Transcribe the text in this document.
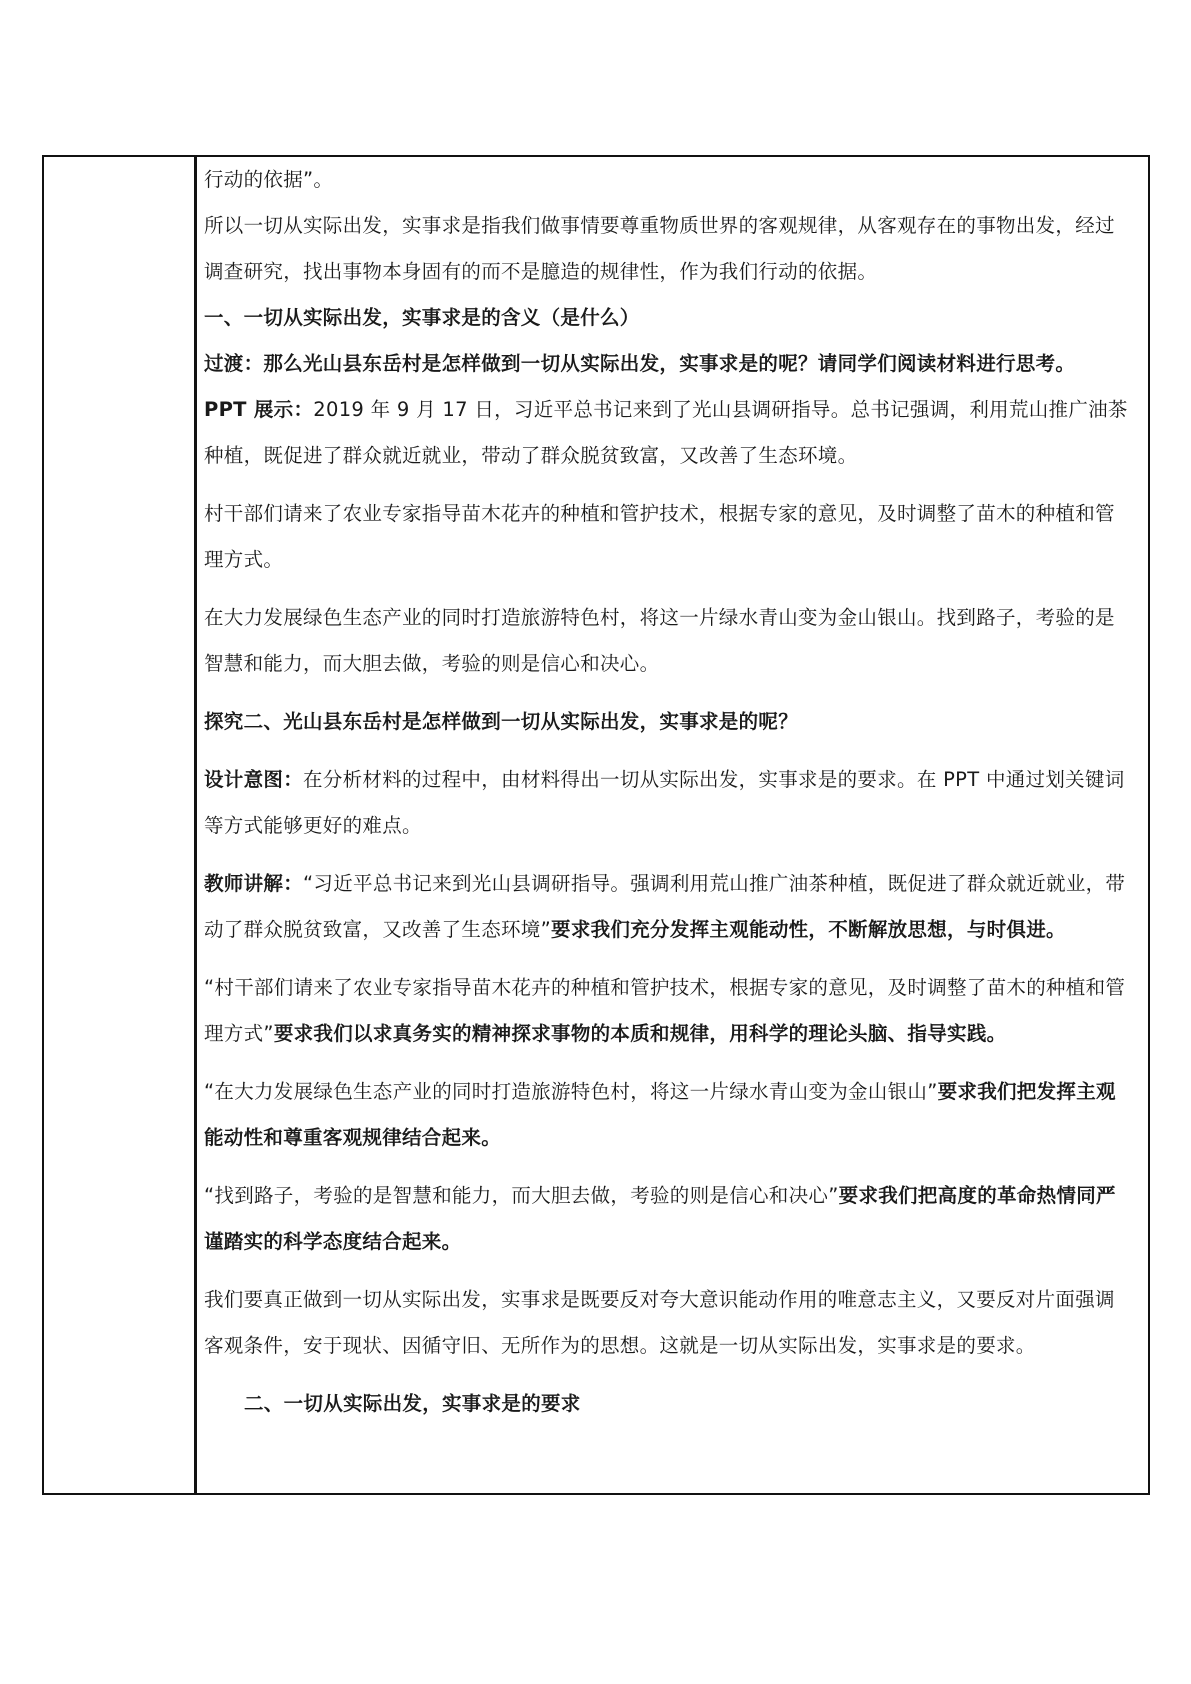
行动的依据”。

所以一切从实际出发，实事求是指我们做事情要尊重物质世界的客观规律，从客观存在的事物出发，经过调查研究，找出事物本身固有的而不是臆造的规律性，作为我们行动的依据。

一、一切从实际出发，实事求是的含义（是什么）

过渡：那么光山县东岳村是怎样做到一切从实际出发，实事求是的呢？请同学们阅读材料进行思考。

PPT 展示：2019 年 9 月 17 日，习近平总书记来到了光山县调研指导。总书记强调，利用荒山推广油茶种植，既促进了群众就近就业，带动了群众脱贫致富，又改善了生态环境。

村干部们请来了农业专家指导苗木花卉的种植和管护技术，根据专家的意见，及时调整了苗木的种植和管理方式。

在大力发展绿色生态产业的同时打造旅游特色村，将这一片绿水青山变为金山银山。找到路子，考验的是智慧和能力，而大胆去做，考验的则是信心和决心。

探究二、光山县东岳村是怎样做到一切从实际出发，实事求是的呢？

设计意图：在分析材料的过程中，由材料得出一切从实际出发，实事求是的要求。在 PPT 中通过划关键词等方式能够更好的难点。

教师讲解：“习近平总书记来到光山县调研指导。强调利用荒山推广油茶种植，既促进了群众就近就业，带动了群众脱贫致富，又改善了生态环境”要求我们充分发挥主观能动性，不断解放思想，与时俱进。

“村干部们请来了农业专家指导苗木花卉的种植和管护技术，根据专家的意见，及时调整了苗木的种植和管理方式”要求我们以求真务实的精神探求事物的本质和规律，用科学的理论头脑、指导实践。

“在大力发展绿色生态产业的同时打造旅游特色村，将这一片绿水青山变为金山银山”要求我们把发挥主观能动性和尊重客观规律结合起来。

“找到路子，考验的是智慧和能力，而大胆去做，考验的则是信心和决心”要求我们把高度的革命热情同严谨踏实的科学态度结合起来。

我们要真正做到一切从实际出发，实事求是既要反对夸大意识能动作用的唯意志主义，又要反对片面强调客观条件，安于现状、因循守旧、无所作为的思想。这就是一切从实际出发，实事求是的要求。

二、一切从实际出发，实事求是的要求
